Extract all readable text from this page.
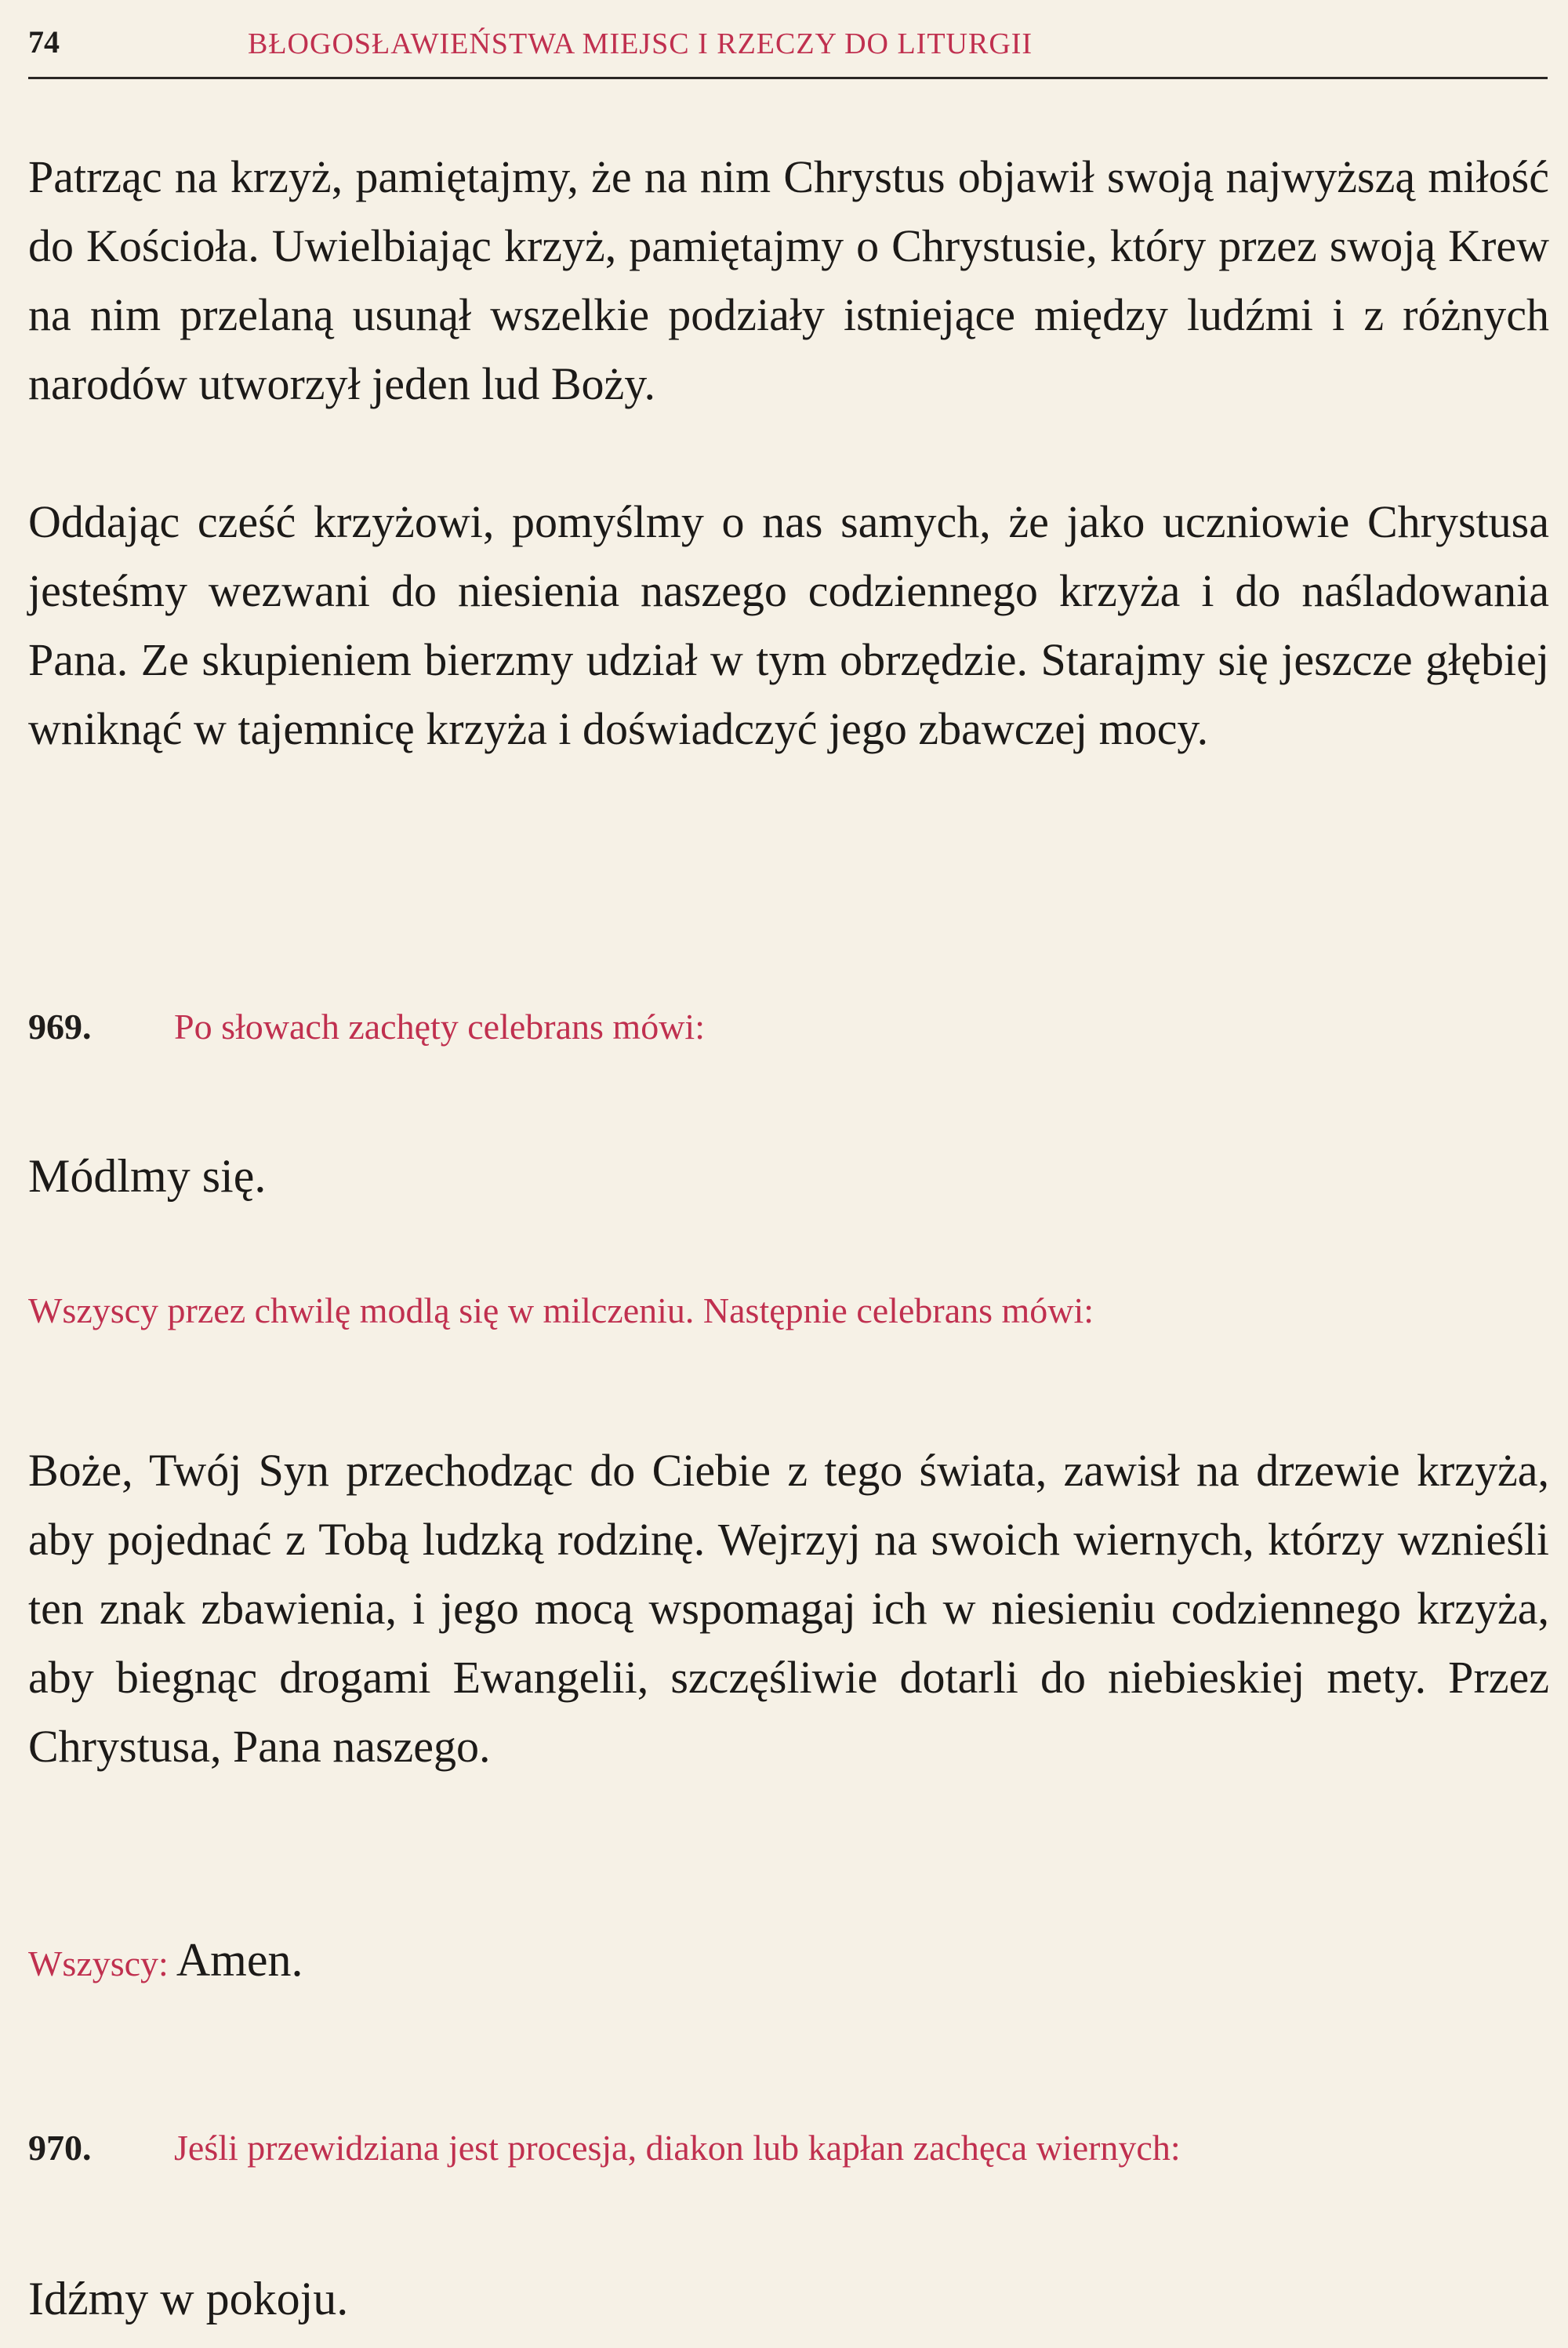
74	BŁOGOSŁAWIEŃSTWA MIEJSC I RZECZY DO LITURGII

Patrząc na krzyż, pamiętajmy, że na nim Chrystus objawił swoją najwyższą miłość do Kościoła. Uwielbiając krzyż, pamiętajmy o Chrystusie, który przez swoją Krew na nim przelaną usunął wszelkie podziały istniejące między ludźmi i z różnych narodów utworzył jeden lud Boży.

Oddając cześć krzyżowi, pomyślmy o nas samych, że jako uczniowie Chrystusa jesteśmy wezwani do niesienia naszego codziennego krzyża i do naśladowania Pana. Ze skupieniem bierzmy udział w tym obrzędzie. Starajmy się jeszcze głębiej wniknąć w tajemnicę krzyża i doświadczyć jego zbawczej mocy.

969. Po słowach zachęty celebrans mówi:
Módlmy się.
Wszyscy przez chwilę modlą się w milczeniu. Następnie celebrans mówi:

Boże, Twój Syn przechodząc do Ciebie z tego świata, zawisł na drzewie krzyża, aby pojednać z Tobą ludzką rodzinę. Wejrzyj na swoich wiernych, którzy wznieśli ten znak zbawienia, i jego mocą wspomagaj ich w niesieniu codziennego krzyża, aby biegnąc drogami Ewangelii, szczęśliwie dotarli do niebieskiej mety. Przez Chrystusa, Pana naszego.

Wszyscy: Amen.
970. Jeśli przewidziana jest procesja, diakon lub kapłan zachęca wiernych:
Idźmy w pokoju.
